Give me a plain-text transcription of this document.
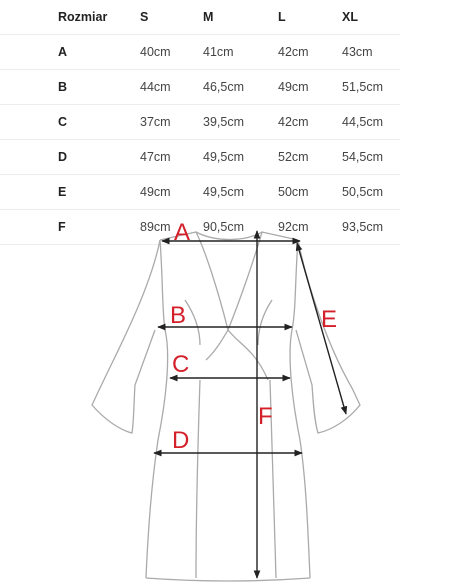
Rozmiar	S	M	L	XL
A	40cm	41cm	42cm	43cm
B	44cm	46,5cm	49cm	51,5cm
C	37cm	39,5cm	42cm	44,5cm
D	47cm	49,5cm	52cm	54,5cm
E	49cm	49,5cm	50cm	50,5cm
F	89cm	90,5cm	92cm	93,5cm
A
B
C
D
E
F
